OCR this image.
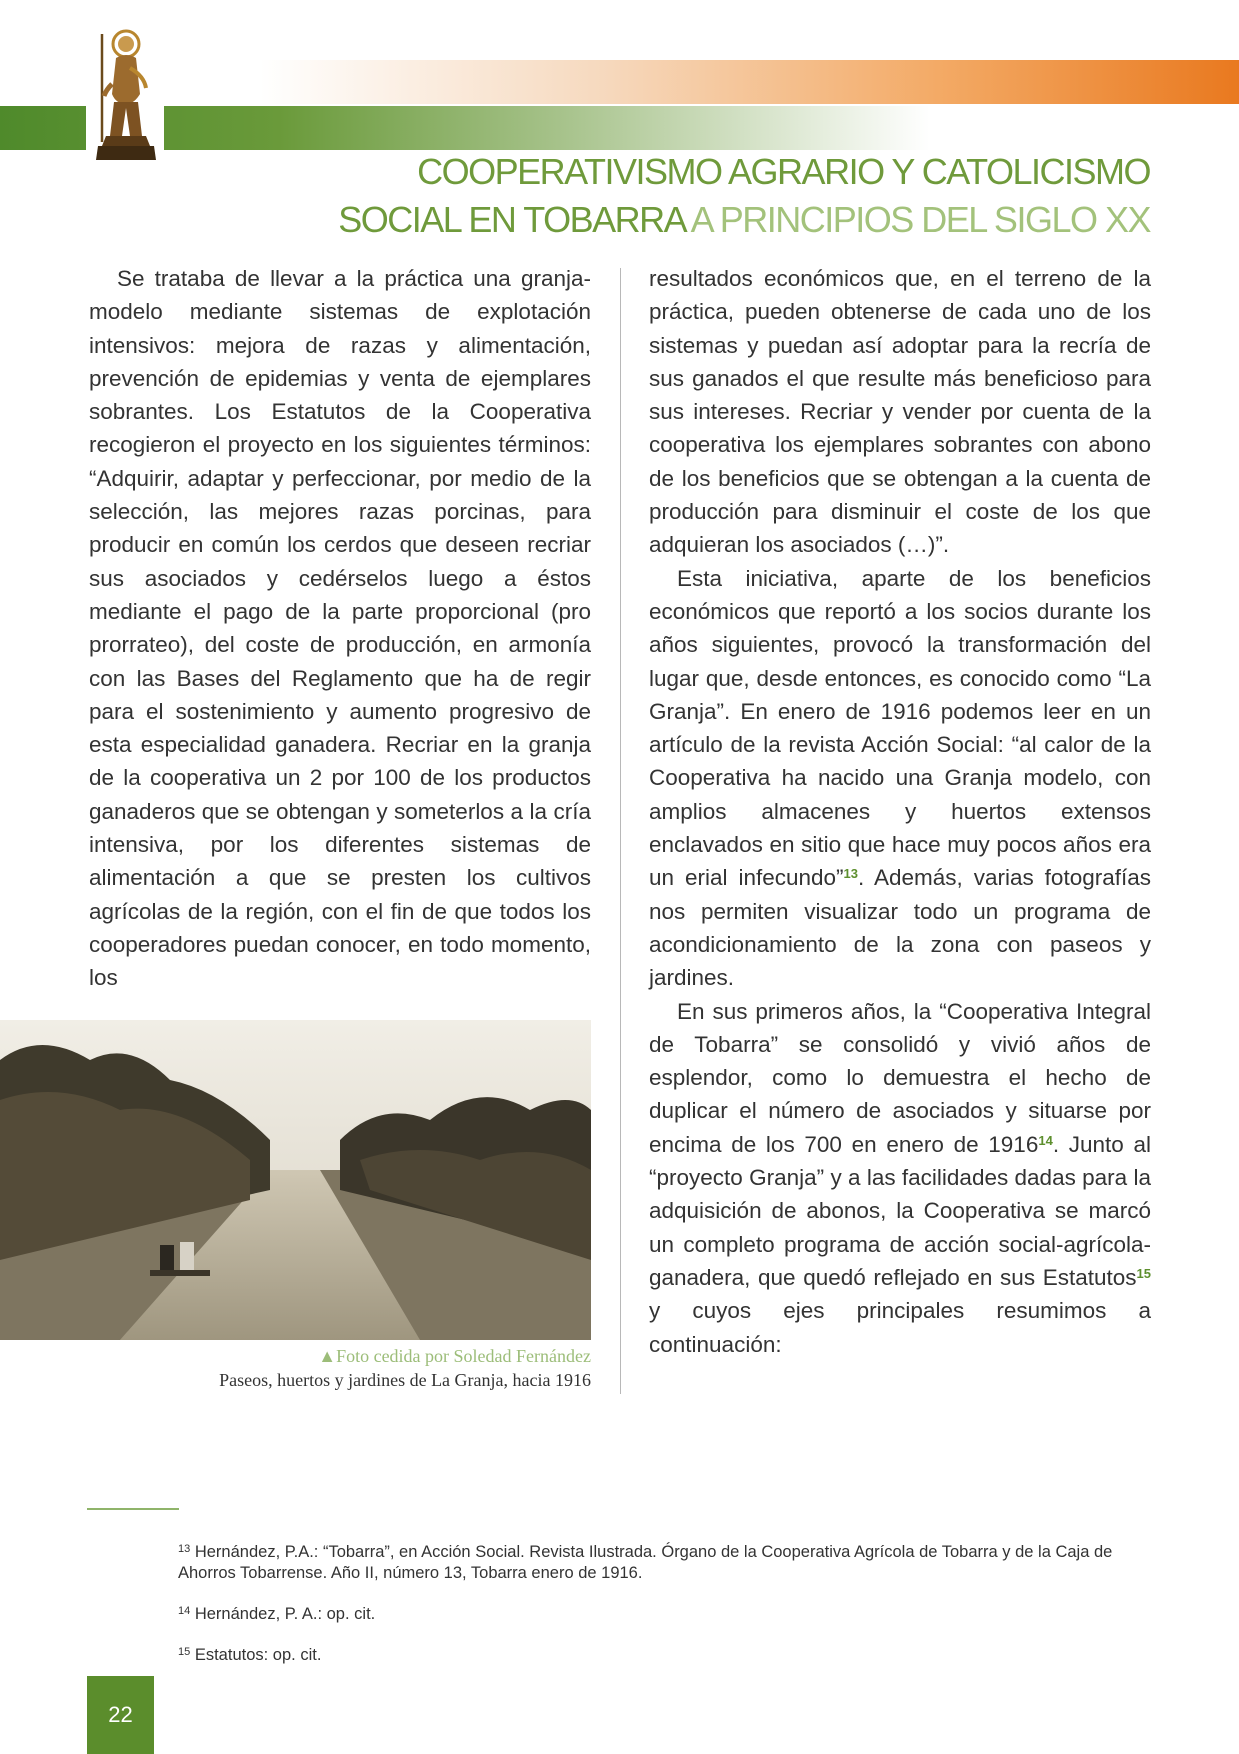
COOPERATIVISMO AGRARIO Y CATOLICISMO
SOCIAL EN TOBARRA A PRINCIPIOS DEL SIGLO XX

Se trataba de llevar a la práctica una granja-modelo mediante sistemas de explotación intensivos: mejora de razas y alimentación, prevención de epidemias y venta de ejemplares sobrantes. Los Estatutos de la Cooperativa recogieron el proyecto en los siguientes términos: “Adquirir, adaptar y perfeccionar, por medio de la selección, las mejores razas porcinas, para producir en común los cerdos que deseen recriar sus asociados y cedérselos luego a éstos mediante el pago de la parte proporcional (pro prorrateo), del coste de producción, en armonía con las Bases del Reglamento que ha de regir para el sostenimiento y aumento progresivo de esta especialidad ganadera. Recriar en la granja de la cooperativa un 2 por 100 de los productos ganaderos que se obtengan y someterlos a la cría intensiva, por los diferentes sistemas de alimentación a que se presten los cultivos agrícolas de la región, con el fin de que todos los cooperadores puedan conocer, en todo momento, los

▲Foto cedida por Soledad Fernández
Paseos, huertos y jardines de La Granja, hacia 1916

resultados económicos que, en el terreno de la práctica, pueden obtenerse de cada uno de los sistemas y puedan así adoptar para la recría de sus ganados el que resulte más beneficioso para sus intereses. Recriar y vender por cuenta de la cooperativa los ejemplares sobrantes con abono de los beneficios que se obtengan a la cuenta de producción para disminuir el coste de los que adquieran los asociados (…)”.

Esta iniciativa, aparte de los beneficios económicos que reportó a los socios durante los años siguientes, provocó la transformación del lugar que, desde entonces, es conocido como “La Granja”. En enero de 1916 podemos leer en un artículo de la revista Acción Social: “al calor de la Cooperativa ha nacido una Granja modelo, con amplios almacenes y huertos extensos enclavados en sitio que hace muy pocos años era un erial infecundo”$^{13}$. Además, varias fotografías nos permiten visualizar todo un programa de acondicionamiento de la zona con paseos y jardines.

En sus primeros años, la “Cooperativa Integral de Tobarra” se consolidó y vivió años de esplendor, como lo demuestra el hecho de duplicar el número de asociados y situarse por encima de los 700 en enero de 1916$^{14}$. Junto al “proyecto Granja” y a las facilidades dadas para la adquisición de abonos, la Cooperativa se marcó un completo programa de acción social-agrícola-ganadera, que quedó reflejado en sus Estatutos$^{15}$ y cuyos ejes principales resumimos a continuación:

$^{13}$ Hernández, P.A.: “Tobarra”, en Acción Social. Revista Ilustrada. Órgano de la Cooperativa Agrícola de Tobarra y de la Caja de Ahorros Tobarrense. Año II, número 13, Tobarra enero de 1916.

$^{14}$ Hernández, P. A.: op. cit.

$^{15}$ Estatutos: op. cit.

22
